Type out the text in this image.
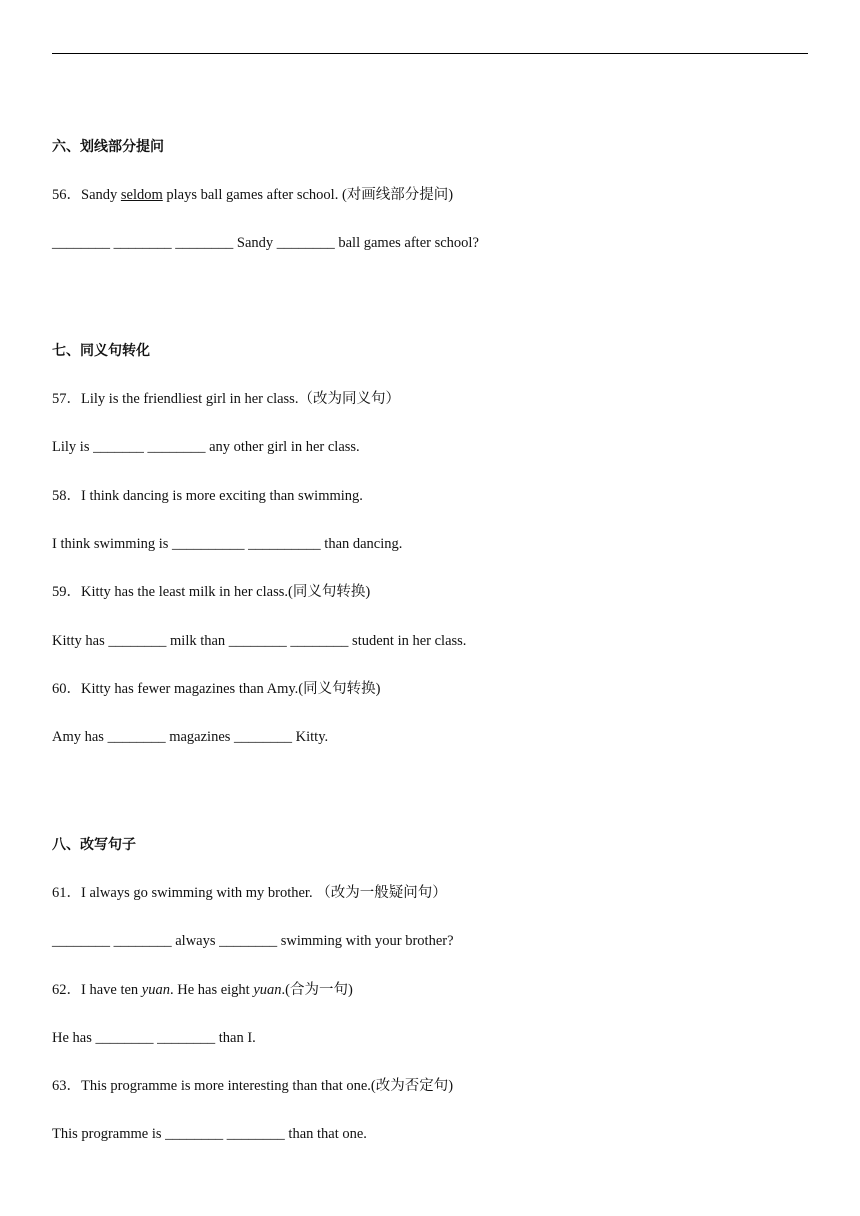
六、划线部分提问
56．Sandy seldom plays ball games after school. (对画线部分提问)
________ ________ ________ Sandy ________ ball games after school?
七、同义句转化
57．Lily is the friendliest girl in her class.（改为同义句）
Lily is _______ ________ any other girl in her class.
58．I think dancing is more exciting than swimming.
I think swimming is __________ __________ than dancing.
59．Kitty has the least milk in her class.(同义句转换)
Kitty has ________ milk than ________ ________ student in her class.
60．Kitty has fewer magazines than Amy.(同义句转换)
Amy has ________ magazines ________ Kitty.
八、改写句子
61．I always go swimming with my brother. （改为一般疑问句）
________ ________ always ________ swimming with your brother?
62．I have ten yuan. He has eight yuan.(合为一句)
He has ________ ________ than I.
63．This programme is more interesting than that one.(改为否定句)
This programme is ________ ________ than that one.
